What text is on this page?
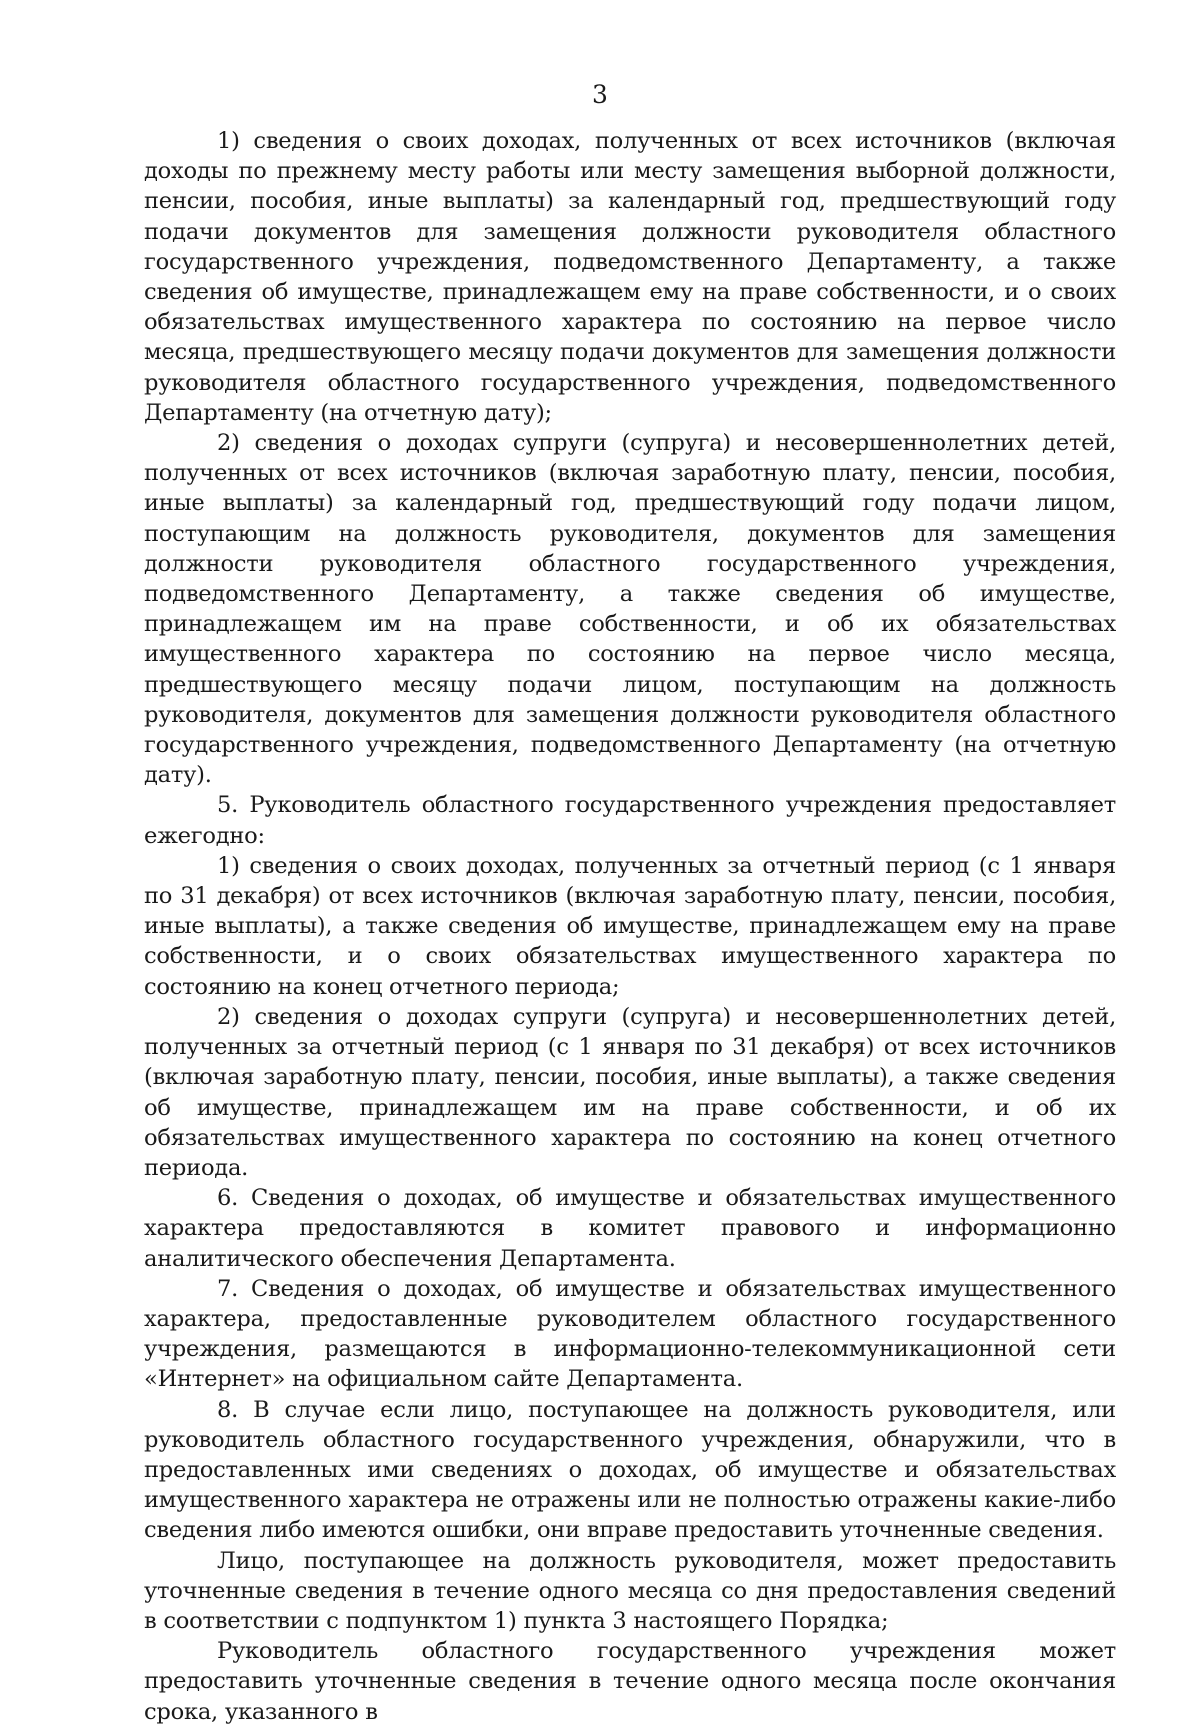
3

1) сведения о своих доходах, полученных от всех источников (включая доходы по прежнему месту работы или месту замещения выборной должности, пенсии, пособия, иные выплаты) за календарный год, предшествующий году подачи документов для замещения должности руководителя областного государственного учреждения, подведомственного Департаменту, а также сведения об имуществе, принадлежащем ему на праве собственности, и о своих обязательствах имущественного характера по состоянию на первое число месяца, предшествующего месяцу подачи документов для замещения должности руководителя областного государственного учреждения, подведомственного Департаменту (на отчетную дату);

2) сведения о доходах супруги (супруга) и несовершеннолетних детей, полученных от всех источников (включая заработную плату, пенсии, пособия, иные выплаты) за календарный год, предшествующий году подачи лицом, поступающим на должность руководителя, документов для замещения должности руководителя областного государственного учреждения, подведомственного Департаменту, а также сведения об имуществе, принадлежащем им на праве собственности, и об их обязательствах имущественного характера по состоянию на первое число месяца, предшествующего месяцу подачи лицом, поступающим на должность руководителя, документов для замещения должности руководителя областного государственного учреждения, подведомственного Департаменту (на отчетную дату).

5. Руководитель областного государственного учреждения предоставляет ежегодно:

1) сведения о своих доходах, полученных за отчетный период (с 1 января по 31 декабря) от всех источников (включая заработную плату, пенсии, пособия, иные выплаты), а также сведения об имуществе, принадлежащем ему на праве собственности, и о своих обязательствах имущественного характера по состоянию на конец отчетного периода;

2) сведения о доходах супруги (супруга) и несовершеннолетних детей, полученных за отчетный период (с 1 января по 31 декабря) от всех источников (включая заработную плату, пенсии, пособия, иные выплаты), а также сведения об имуществе, принадлежащем им на праве собственности, и об их обязательствах имущественного характера по состоянию на конец отчетного периода.

6. Сведения о доходах, об имуществе и обязательствах имущественного характера предоставляются в комитет правового и информационно аналитического обеспечения Департамента.

7. Сведения о доходах, об имуществе и обязательствах имущественного характера, предоставленные руководителем областного государственного учреждения, размещаются в информационно-телекоммуникационной сети «Интернет» на официальном сайте Департамента.

8. В случае если лицо, поступающее на должность руководителя, или руководитель областного государственного учреждения, обнаружили, что в предоставленных ими сведениях о доходах, об имуществе и обязательствах имущественного характера не отражены или не полностью отражены какие-либо сведения либо имеются ошибки, они вправе предоставить уточненные сведения.

Лицо, поступающее на должность руководителя, может предоставить уточненные сведения в течение одного месяца со дня предоставления сведений в соответствии с подпунктом 1) пункта 3 настоящего Порядка;

Руководитель областного государственного учреждения может предоставить уточненные сведения в течение одного месяца после окончания срока, указанного в
